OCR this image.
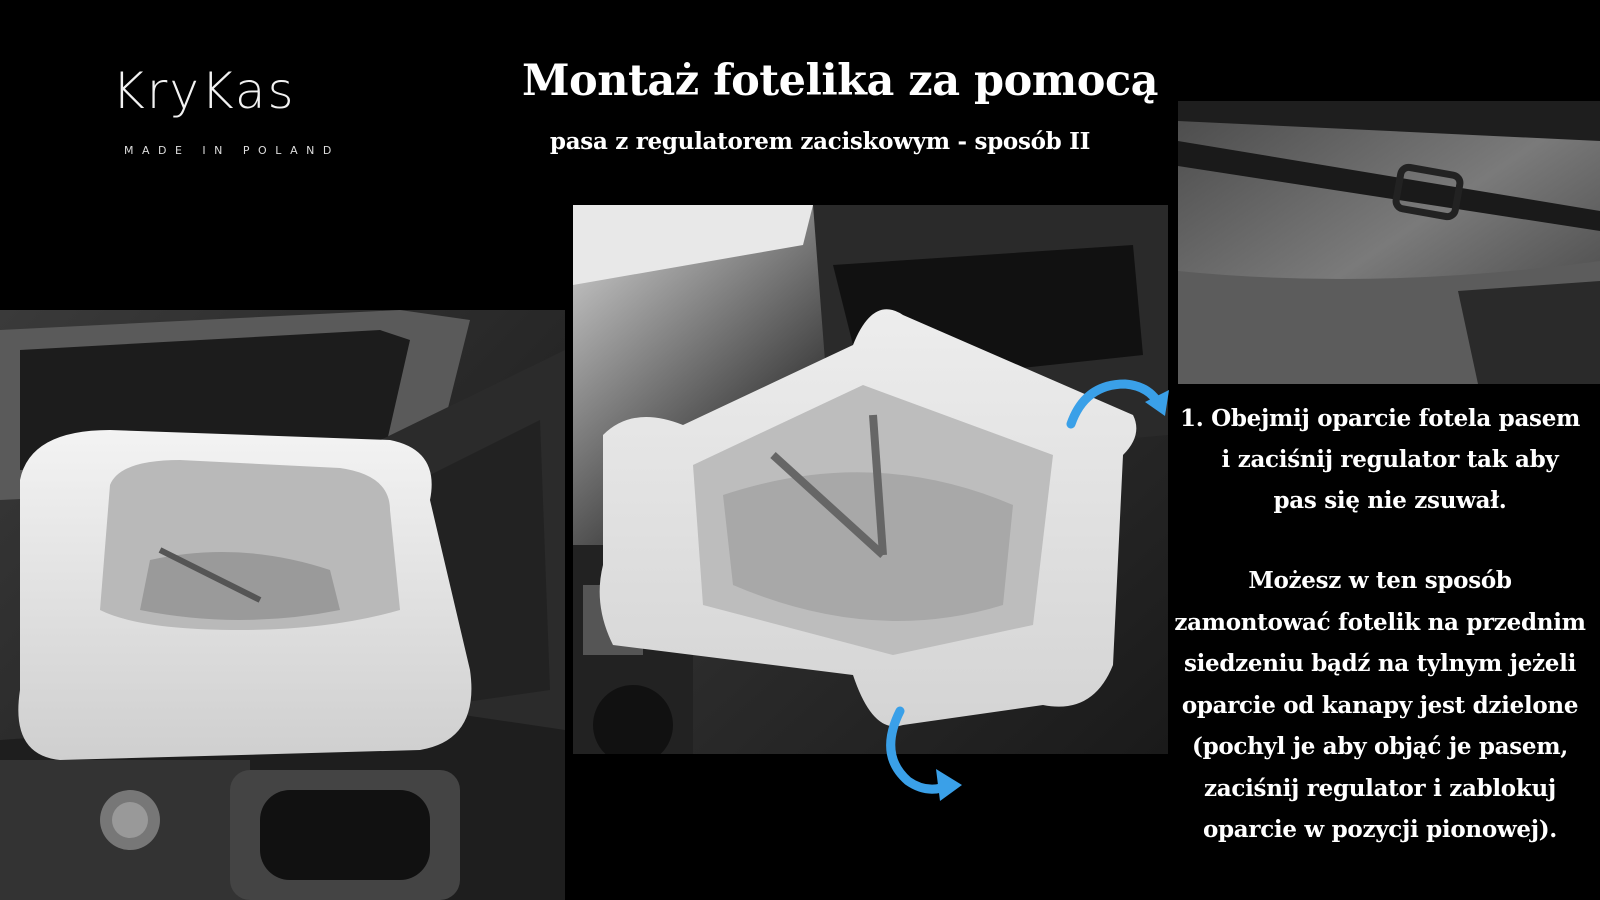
KryKas
MADE IN POLAND
Montaż fotelika za pomocą
pasa z regulatorem zaciskowym - sposób II
1. Obejmij oparcie fotela pasem
i zaciśnij regulator tak aby
pas się nie zsuwał.
Możesz w ten sposób
zamontować fotelik na przednim
siedzeniu bądź na tylnym jeżeli
oparcie od kanapy jest dzielone
(pochyl je aby objąć je pasem,
zaciśnij regulator i zablokuj
oparcie w pozycji pionowej).
